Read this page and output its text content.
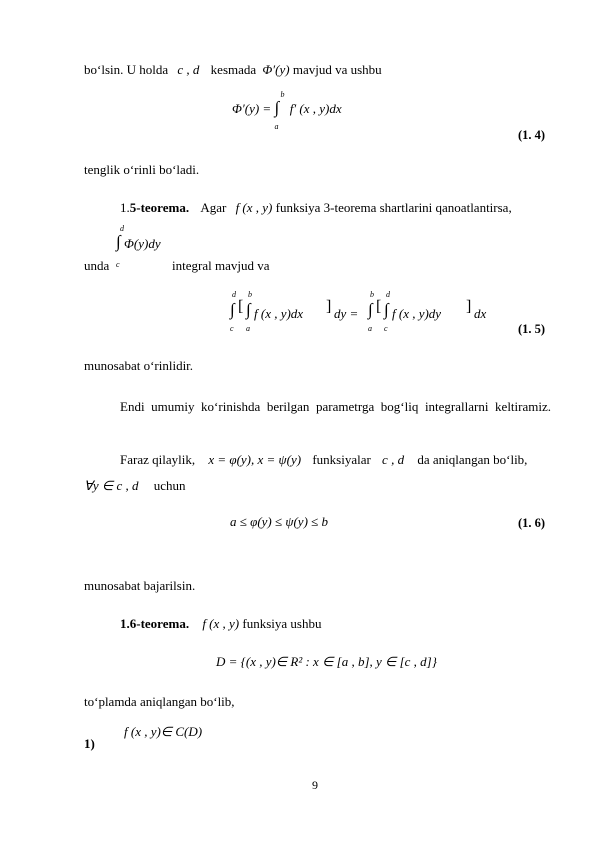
bo‘lsin. U holda c , d kesmada Φ′(y) mavjud va ushbu
Φ′(y) =
b
∫
a
f′ (x , y)dx
(1. 4)
tenglik o‘rinli bo‘ladi.
1.5-teorema. Agar f (x , y) funksiya 3-teorema shartlarini qanoatlantirsa,
d
∫ Φ(y)dy
c
unda	integral mavjud va
d
∫
c
[
b
∫
a
f (x , y)dx ] dy =
b
∫
a
[
d
∫
c
f (x , y)dy ] dx
(1. 5)
munosabat o‘rinlidir.
Endi umumiy ko‘rinishda berilgan parametrga bog‘liq integrallarni keltiramiz.
Faraz qilaylik, x = φ(y), x = ψ(y) funksiyalar c , d da aniqlangan bo‘lib,
∀y ∈ c , d uchun
a ≤ φ(y) ≤ ψ(y) ≤ b	(1. 6)
munosabat bajarilsin.
1.6-teorema. f (x , y) funksiya ushbu
D = {(x , y)∈ R² : x ∈ [a , b], y ∈ [c , d]}
to‘plamda aniqlangan bo‘lib,
1)
f (x , y)∈ C(D)
9
